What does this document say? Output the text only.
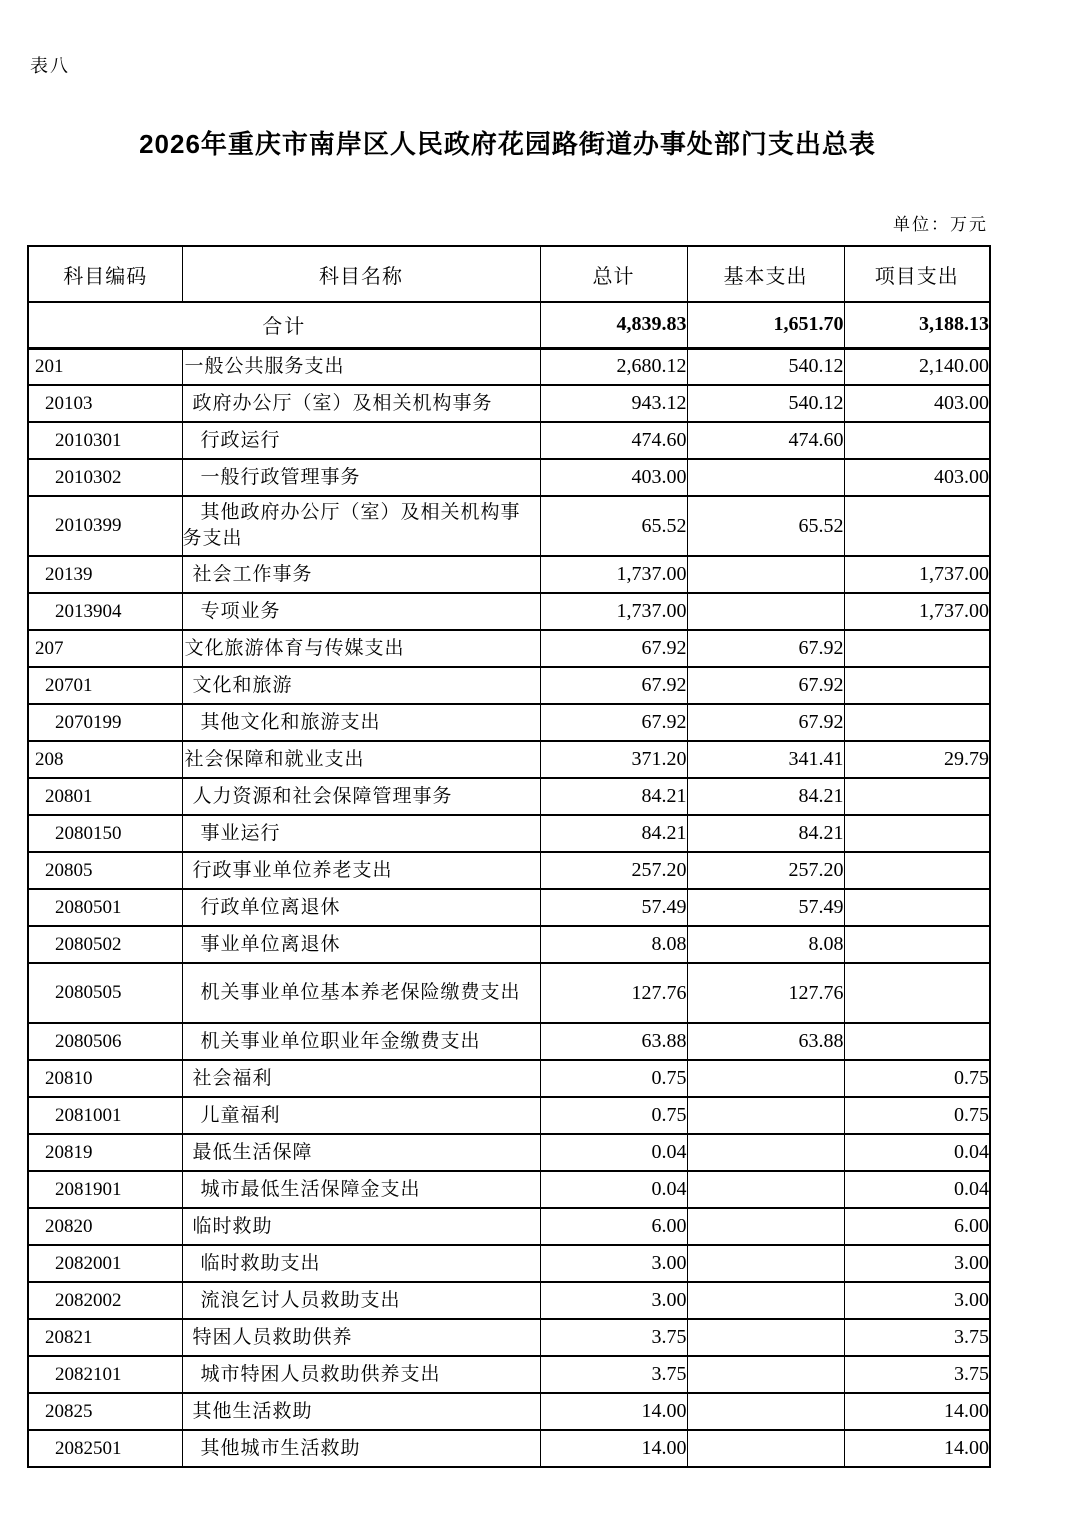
表八
2026年重庆市南岸区人民政府花园路街道办事处部门支出总表
单位：万元
科目编码	科目名称	总计	基本支出	项目支出
合计		4,839.83	1,651.70	3,188.13
201	一般公共服务支出	2,680.12	540.12	2,140.00
20103	政府办公厅（室）及相关机构事务	943.12	540.12	403.00
2010301	行政运行	474.60	474.60	
2010302	一般行政管理事务	403.00		403.00
2010399	其他政府办公厅（室）及相关机构事务支出	65.52	65.52	
20139	社会工作事务	1,737.00		1,737.00
2013904	专项业务	1,737.00		1,737.00
207	文化旅游体育与传媒支出	67.92	67.92	
20701	文化和旅游	67.92	67.92	
2070199	其他文化和旅游支出	67.92	67.92	
208	社会保障和就业支出	371.20	341.41	29.79
20801	人力资源和社会保障管理事务	84.21	84.21	
2080150	事业运行	84.21	84.21	
20805	行政事业单位养老支出	257.20	257.20	
2080501	行政单位离退休	57.49	57.49	
2080502	事业单位离退休	8.08	8.08	
2080505	机关事业单位基本养老保险缴费支出	127.76	127.76	
2080506	机关事业单位职业年金缴费支出	63.88	63.88	
20810	社会福利	0.75		0.75
2081001	儿童福利	0.75		0.75
20819	最低生活保障	0.04		0.04
2081901	城市最低生活保障金支出	0.04		0.04
20820	临时救助	6.00		6.00
2082001	临时救助支出	3.00		3.00
2082002	流浪乞讨人员救助支出	3.00		3.00
20821	特困人员救助供养	3.75		3.75
2082101	城市特困人员救助供养支出	3.75		3.75
20825	其他生活救助	14.00		14.00
2082501	其他城市生活救助	14.00		14.00
